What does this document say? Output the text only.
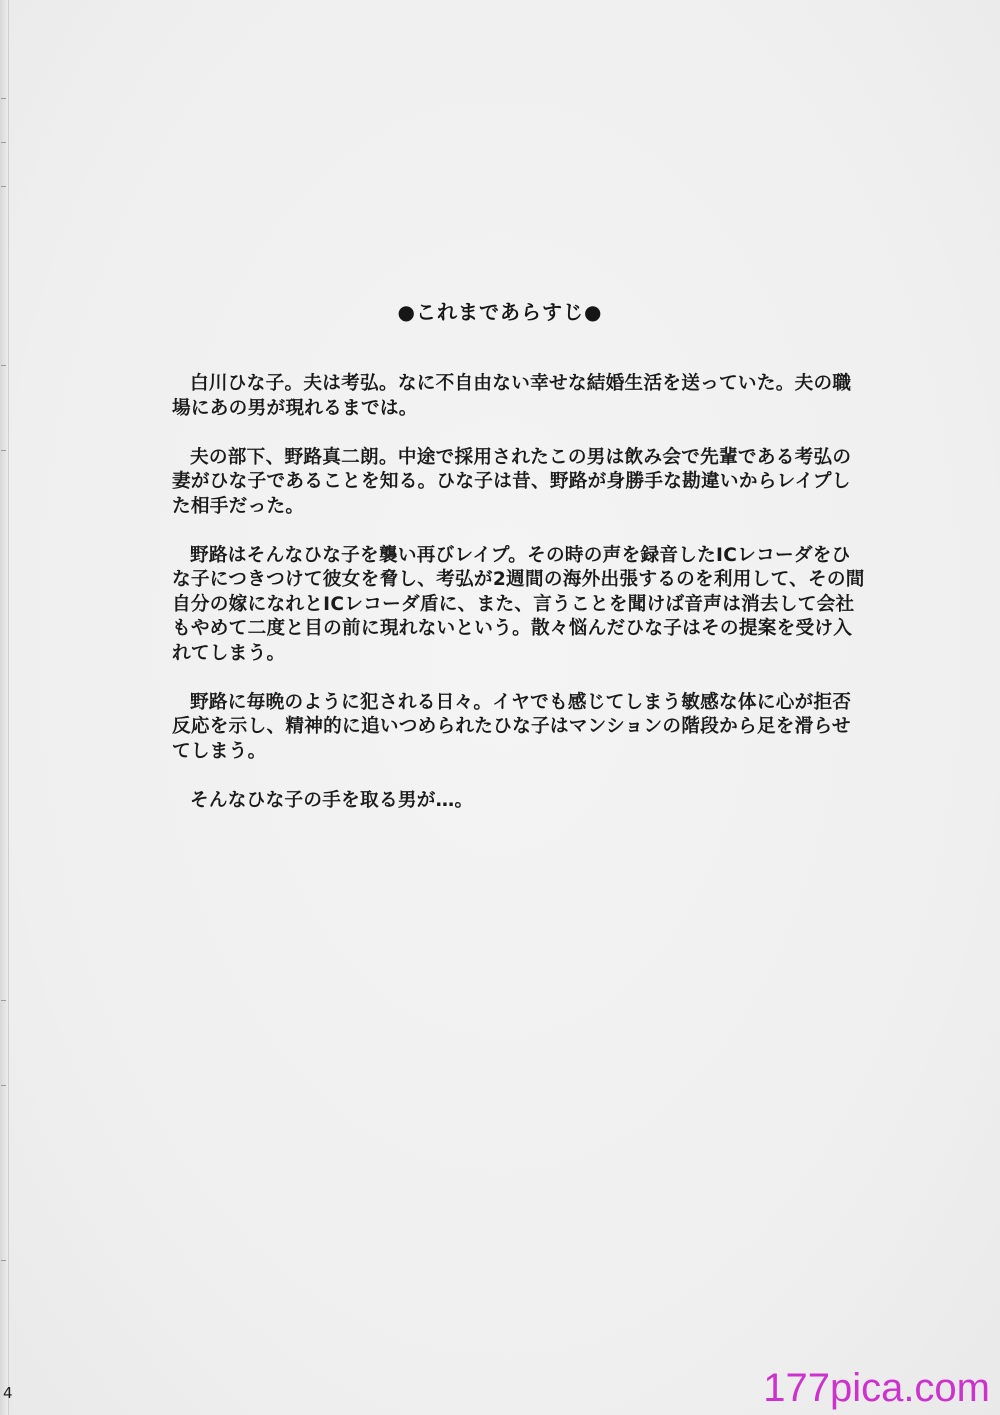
●これまであらすじ●

白川ひな子。夫は考弘。なに不自由ない幸せな結婚生活を送っていた。夫の職場にあの男が現れるまでは。

夫の部下、野路真二朗。中途で採用されたこの男は飲み会で先輩である考弘の妻がひな子であることを知る。ひな子は昔、野路が身勝手な勘違いからレイプした相手だった。

野路はそんなひな子を襲い再びレイプ。その時の声を録音したICレコーダをひな子につきつけて彼女を脅し、考弘が2週間の海外出張するのを利用して、その間自分の嫁になれとICレコーダ盾に、また、言うことを聞けば音声は消去して会社もやめて二度と目の前に現れないという。散々悩んだひな子はその提案を受け入れてしまう。

野路に毎晩のように犯される日々。イヤでも感じてしまう敏感な体に心が拒否反応を示し、精神的に追いつめられたひな子はマンションの階段から足を滑らせてしまう。

そんなひな子の手を取る男が…。

4	177pica.com
